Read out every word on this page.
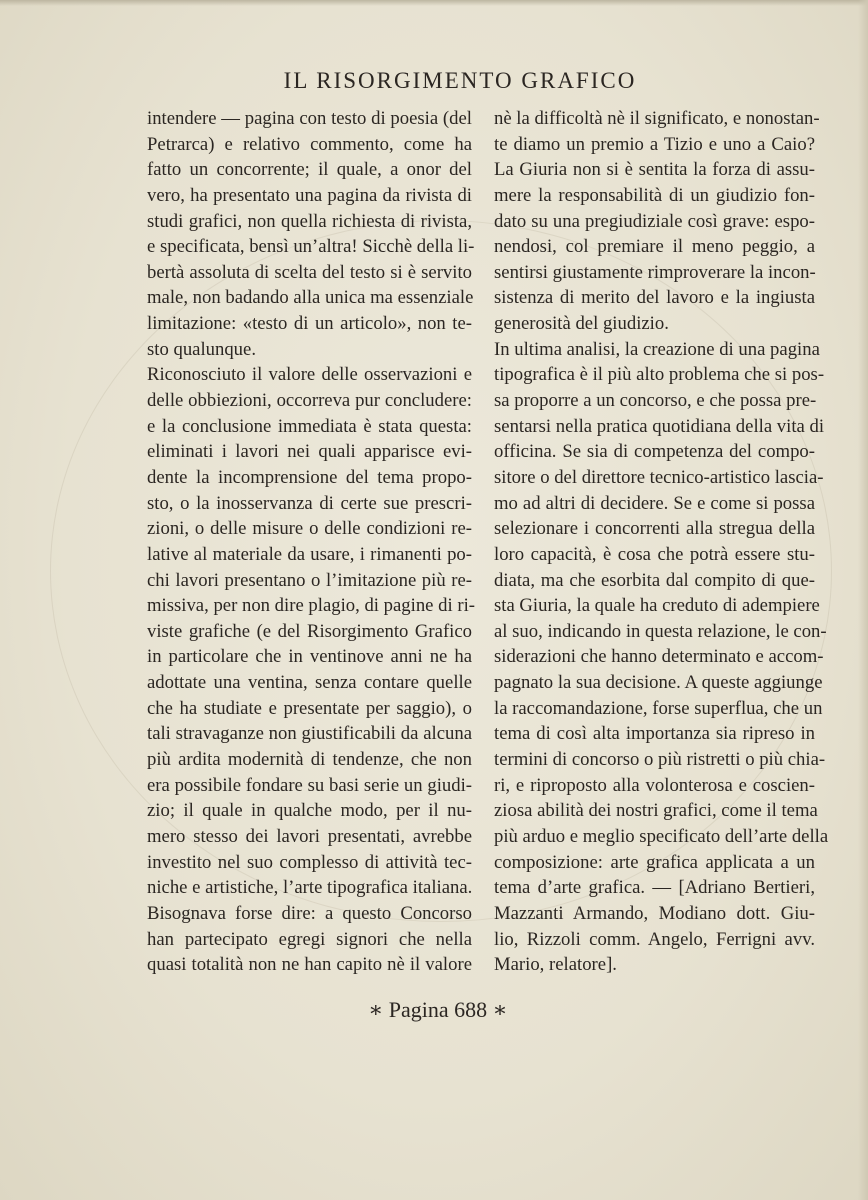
IL RISORGIMENTO GRAFICO
intendere — pagina con testo di poesia (del
Petrarca) e relativo commento, come ha
fatto un concorrente; il quale, a onor del
vero, ha presentato una pagina da rivista di
studi grafici, non quella richiesta di rivista,
e specificata, bensì un’altra! Sicchè della li-
bertà assoluta di scelta del testo si è servito
male, non badando alla unica ma essenziale
limitazione: «testo di un articolo», non te-
sto qualunque.
Riconosciuto il valore delle osservazioni e
delle obbiezioni, occorreva pur concludere:
e la conclusione immediata è stata questa:
eliminati i lavori nei quali apparisce evi-
dente la incomprensione del tema propo-
sto, o la inosservanza di certe sue prescri-
zioni, o delle misure o delle condizioni re-
lative al materiale da usare, i rimanenti po-
chi lavori presentano o l’imitazione più re-
missiva, per non dire plagio, di pagine di ri-
viste grafiche (e del Risorgimento Grafico
in particolare che in ventinove anni ne ha
adottate una ventina, senza contare quelle
che ha studiate e presentate per saggio), o
tali stravaganze non giustificabili da alcuna
più ardita modernità di tendenze, che non
era possibile fondare su basi serie un giudi-
zio; il quale in qualche modo, per il nu-
mero stesso dei lavori presentati, avrebbe
investito nel suo complesso di attività tec-
niche e artistiche, l’arte tipografica italiana.
Bisognava forse dire: a questo Concorso
han partecipato egregi signori che nella
quasi totalità non ne han capito nè il valore
nè la difficoltà nè il significato, e nonostan-
te diamo un premio a Tizio e uno a Caio?
La Giuria non si è sentita la forza di assu-
mere la responsabilità di un giudizio fon-
dato su una pregiudiziale così grave: espo-
nendosi, col premiare il meno peggio, a
sentirsi giustamente rimproverare la incon-
sistenza di merito del lavoro e la ingiusta
generosità del giudizio.
In ultima analisi, la creazione di una pagina
tipografica è il più alto problema che si pos-
sa proporre a un concorso, e che possa pre-
sentarsi nella pratica quotidiana della vita di
officina. Se sia di competenza del compo-
sitore o del direttore tecnico-artistico lascia-
mo ad altri di decidere. Se e come si possa
selezionare i concorrenti alla stregua della
loro capacità, è cosa che potrà essere stu-
diata, ma che esorbita dal compito di que-
sta Giuria, la quale ha creduto di adempiere
al suo, indicando in questa relazione, le con-
siderazioni che hanno determinato e accom-
pagnato la sua decisione. A queste aggiunge
la raccomandazione, forse superflua, che un
tema di così alta importanza sia ripreso in
termini di concorso o più ristretti o più chia-
ri, e riproposto alla volonterosa e coscien-
ziosa abilità dei nostri grafici, come il tema
più arduo e meglio specificato dell’arte della
composizione: arte grafica applicata a un
tema d’arte grafica. — [Adriano Bertieri,
Mazzanti Armando, Modiano dott. Giu-
lio, Rizzoli comm. Angelo, Ferrigni avv.
Mario, relatore].
∗ Pagina 688 ∗
